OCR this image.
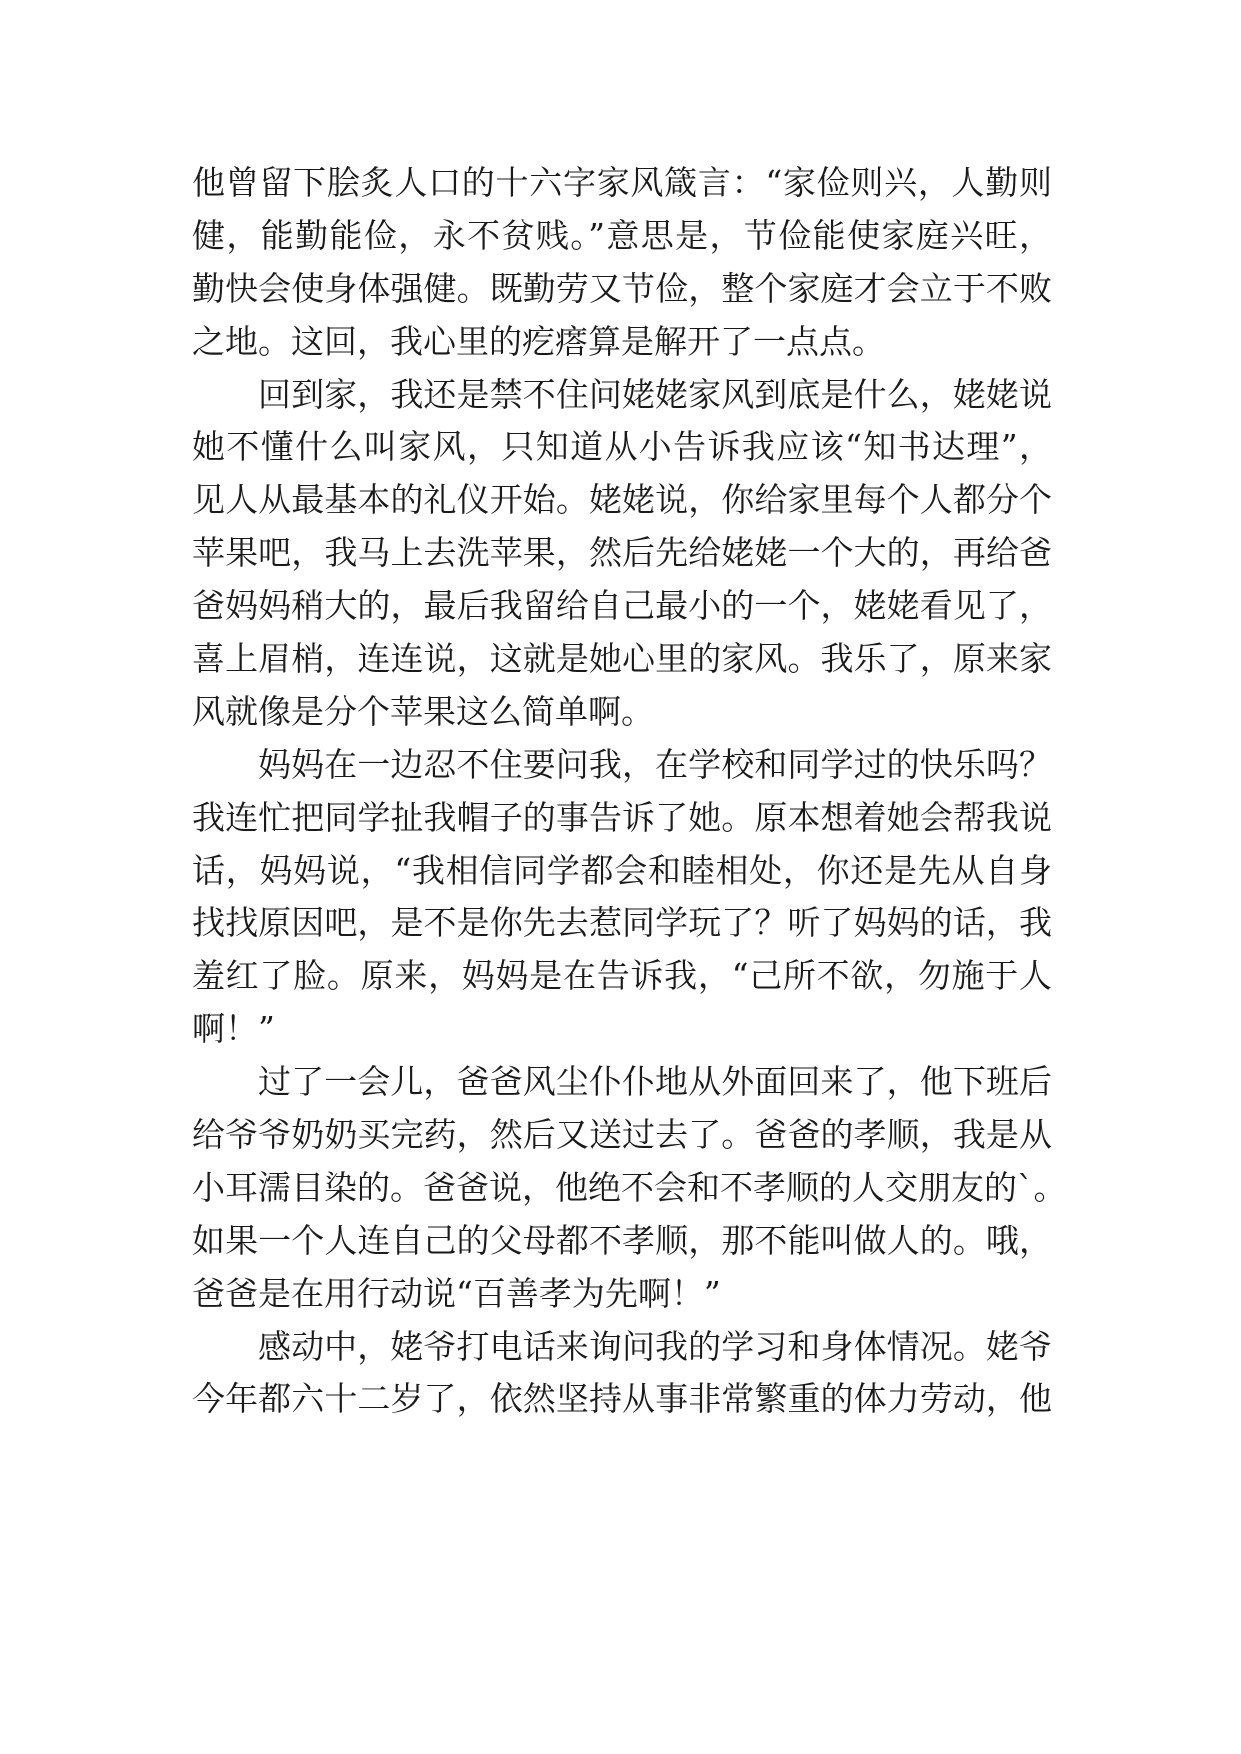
他曾留下脍炙人口的十六字家风箴言：“家俭则兴，人勤则
健，能勤能俭，永不贫贱。”意思是，节俭能使家庭兴旺，
勤快会使身体强健。既勤劳又节俭，整个家庭才会立于不败
之地。这回，我心里的疙瘩算是解开了一点点。
回到家，我还是禁不住问姥姥家风到底是什么，姥姥说
她不懂什么叫家风，只知道从小告诉我应该“知书达理”，
见人从最基本的礼仪开始。姥姥说，你给家里每个人都分个
苹果吧，我马上去洗苹果，然后先给姥姥一个大的，再给爸
爸妈妈稍大的，最后我留给自己最小的一个，姥姥看见了，
喜上眉梢，连连说，这就是她心里的家风。我乐了，原来家
风就像是分个苹果这么简单啊。
妈妈在一边忍不住要问我，在学校和同学过的快乐吗？
我连忙把同学扯我帽子的事告诉了她。原本想着她会帮我说
话，妈妈说，“我相信同学都会和睦相处，你还是先从自身
找找原因吧，是不是你先去惹同学玩了？听了妈妈的话，我
羞红了脸。原来，妈妈是在告诉我，“己所不欲，勿施于人
啊！”
过了一会儿，爸爸风尘仆仆地从外面回来了，他下班后
给爷爷奶奶买完药，然后又送过去了。爸爸的孝顺，我是从
小耳濡目染的。爸爸说，他绝不会和不孝顺的人交朋友的`。
如果一个人连自己的父母都不孝顺，那不能叫做人的。哦，
爸爸是在用行动说“百善孝为先啊！”
感动中，姥爷打电话来询问我的学习和身体情况。姥爷
今年都六十二岁了，依然坚持从事非常繁重的体力劳动，他
